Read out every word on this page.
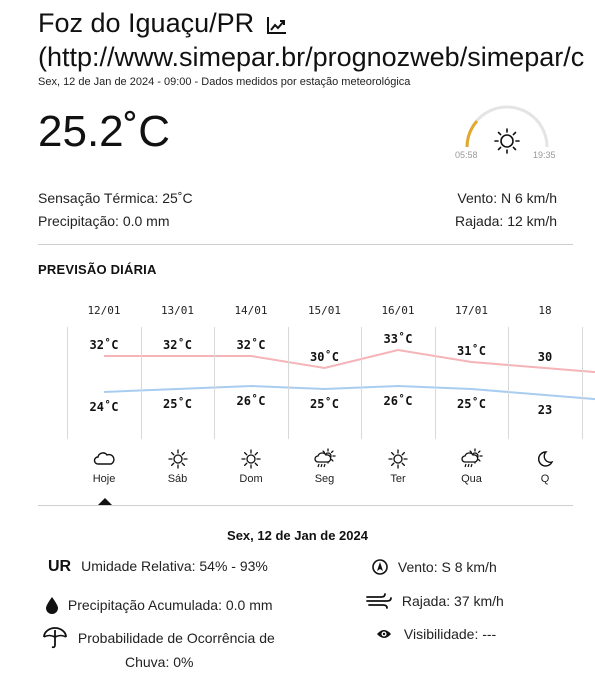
Foz do Iguaçu/PR
(http://www.simepar.br/prognozweb/simepar/c
Sex, 12 de Jan de 2024 - 09:00 - Dados medidos por estação meteorológica
25.2˚C	05:58	19:35
Sensação Térmica: 25˚C
Precipitação: 0.0 mm
Vento: N 6 km/h
Rajada: 12 km/h
PREVISÃO DIÁRIA
12/01
32˚C
24˚C
Hoje
13/01
32˚C
25˚C
Sáb
14/01
32˚C
26˚C
Dom
15/01
30˚C
25˚C
Seg
16/01
33˚C
26˚C
Ter
17/01
31˚C
25˚C
Qua
18
30
23
Q
Sex, 12 de Jan de 2024
UR Umidade Relativa: 54% - 93%
Precipitação Acumulada: 0.0 mm
Probabilidade de Ocorrência de
Chuva: 0%
Vento: S 8 km/h
Rajada: 37 km/h
Visibilidade: ---
